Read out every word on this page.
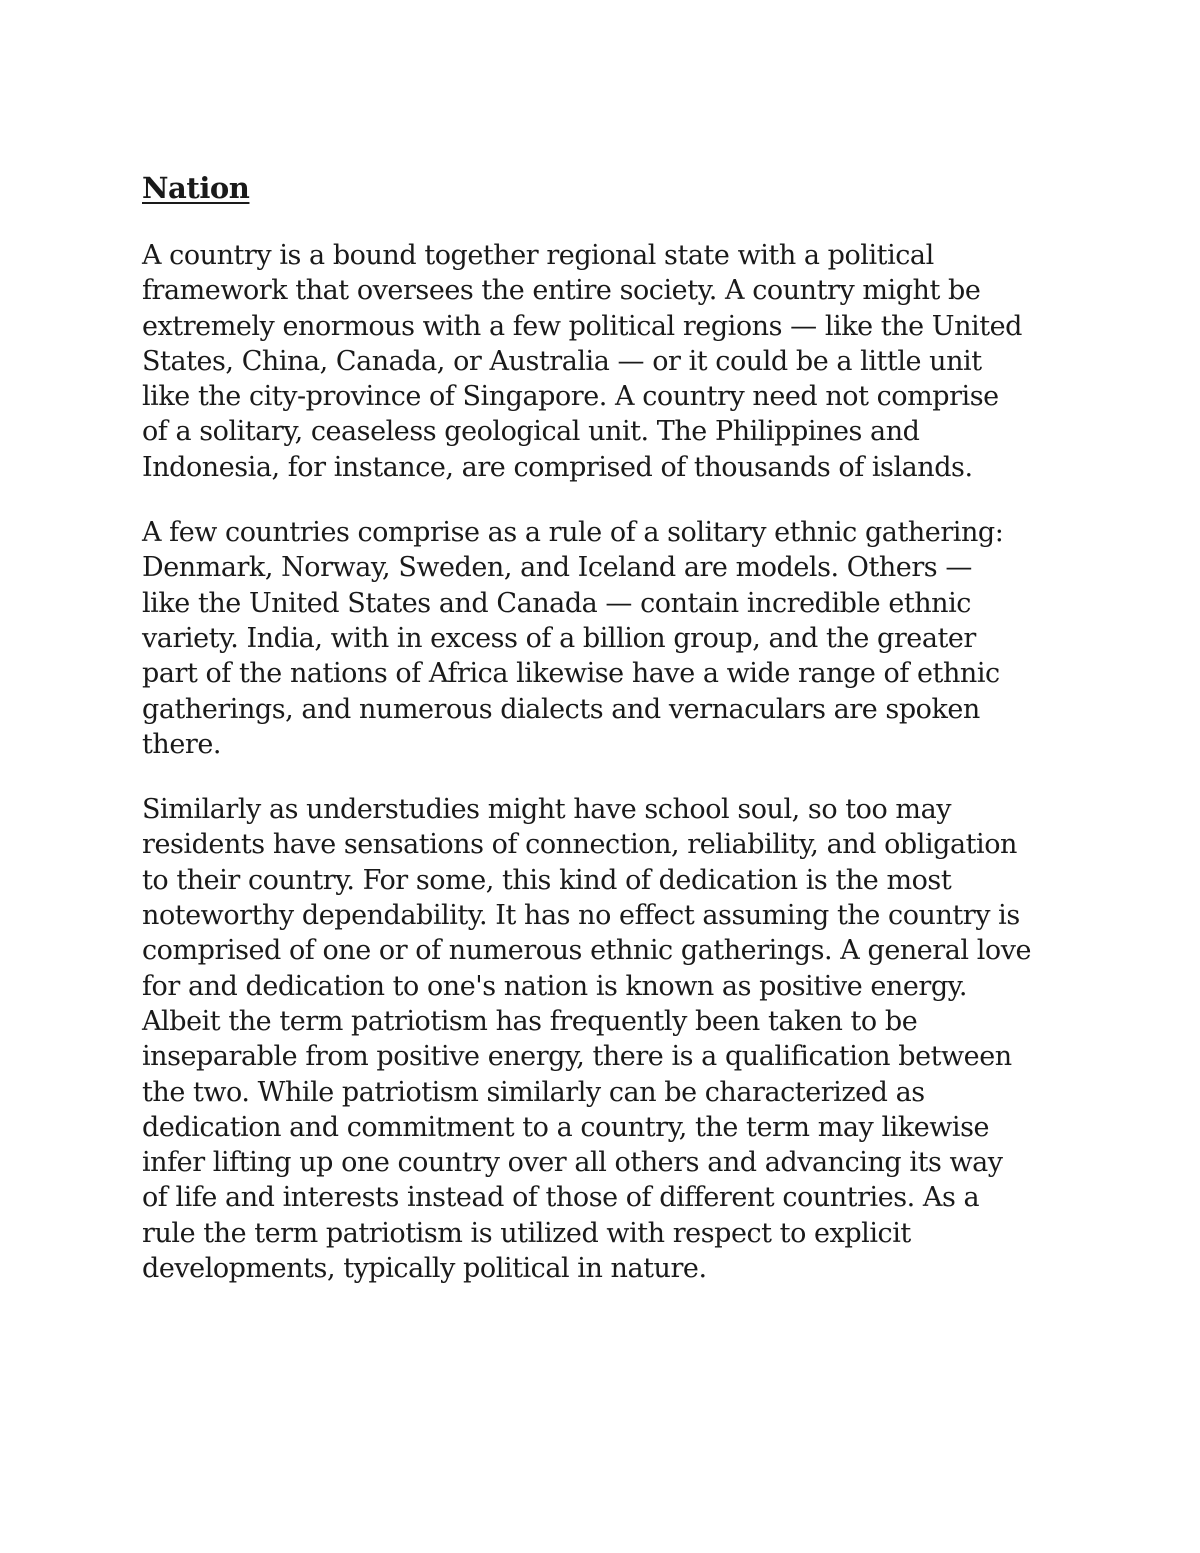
Nation

A country is a bound together regional state with a political
framework that oversees the entire society. A country might be
extremely enormous with a few political regions — like the United
States, China, Canada, or Australia — or it could be a little unit
like the city-province of Singapore. A country need not comprise
of a solitary, ceaseless geological unit. The Philippines and
Indonesia, for instance, are comprised of thousands of islands.

A few countries comprise as a rule of a solitary ethnic gathering:
Denmark, Norway, Sweden, and Iceland are models. Others —
like the United States and Canada — contain incredible ethnic
variety. India, with in excess of a billion group, and the greater
part of the nations of Africa likewise have a wide range of ethnic
gatherings, and numerous dialects and vernaculars are spoken
there.

Similarly as understudies might have school soul, so too may
residents have sensations of connection, reliability, and obligation
to their country. For some, this kind of dedication is the most
noteworthy dependability. It has no effect assuming the country is
comprised of one or of numerous ethnic gatherings. A general love
for and dedication to one's nation is known as positive energy.
Albeit the term patriotism has frequently been taken to be
inseparable from positive energy, there is a qualification between
the two. While patriotism similarly can be characterized as
dedication and commitment to a country, the term may likewise
infer lifting up one country over all others and advancing its way
of life and interests instead of those of different countries. As a
rule the term patriotism is utilized with respect to explicit
developments, typically political in nature.
